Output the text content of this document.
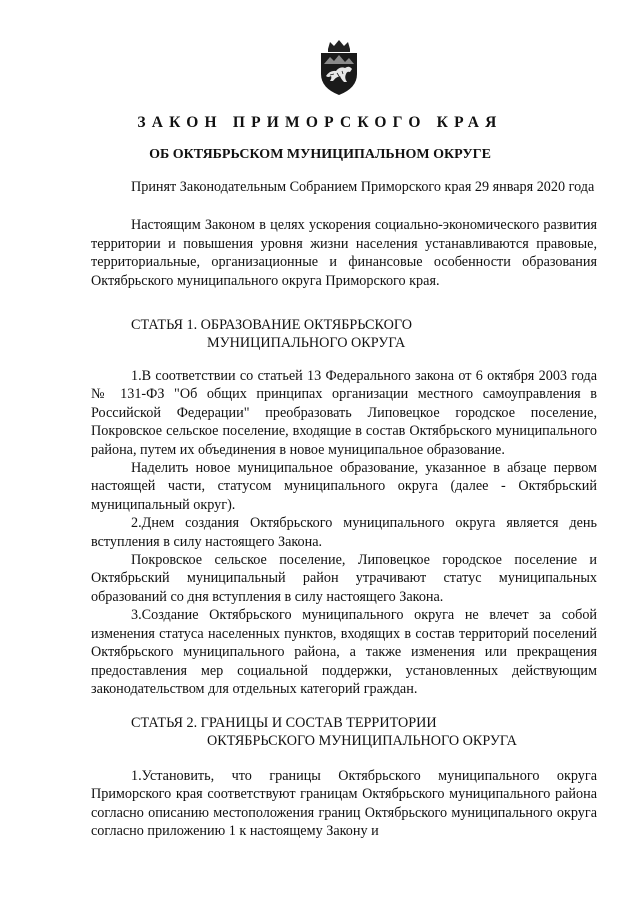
ЗАКОН ПРИМОРСКОГО КРАЯ
ОБ ОКТЯБРЬСКОМ МУНИЦИПАЛЬНОМ ОКРУГЕ

Принят Законодательным Собранием Приморского края 29 января 2020 года

Настоящим Законом в целях ускорения социально-экономического развития территории и повышения уровня жизни населения устанавливаются правовые, территориальные, организационные и финансовые особенности образования Октябрьского муниципального округа Приморского края.

СТАТЬЯ 1. ОБРАЗОВАНИЕ ОКТЯБРЬСКОГО
МУНИЦИПАЛЬНОГО ОКРУГА

1.В соответствии со статьей 13 Федерального закона от 6 октября 2003 года № 131-ФЗ "Об общих принципах организации местного самоуправления в Российской Федерации" преобразовать Липовецкое городское поселение, Покровское сельское поселение, входящие в состав Октябрьского муниципального района, путем их объединения в новое муниципальное образование.

Наделить новое муниципальное образование, указанное в абзаце первом настоящей части, статусом муниципального округа (далее - Октябрьский муниципальный округ).

2.Днем создания Октябрьского муниципального округа является день вступления в силу настоящего Закона.

Покровское сельское поселение, Липовецкое городское поселение и Октябрьский муниципальный район утрачивают статус муниципальных образований со дня вступления в силу настоящего Закона.

3.Создание Октябрьского муниципального округа не влечет за собой изменения статуса населенных пунктов, входящих в состав территорий поселений Октябрьского муниципального района, а также изменения или прекращения предоставления мер социальной поддержки, установленных действующим законодательством для отдельных категорий граждан.

СТАТЬЯ 2. ГРАНИЦЫ И СОСТАВ ТЕРРИТОРИИ
ОКТЯБРЬСКОГО МУНИЦИПАЛЬНОГО ОКРУГА

1.Установить, что границы Октябрьского муниципального округа Приморского края соответствуют границам Октябрьского муниципального района согласно описанию местоположения границ Октябрьского муниципального округа согласно приложению 1 к настоящему Закону и
